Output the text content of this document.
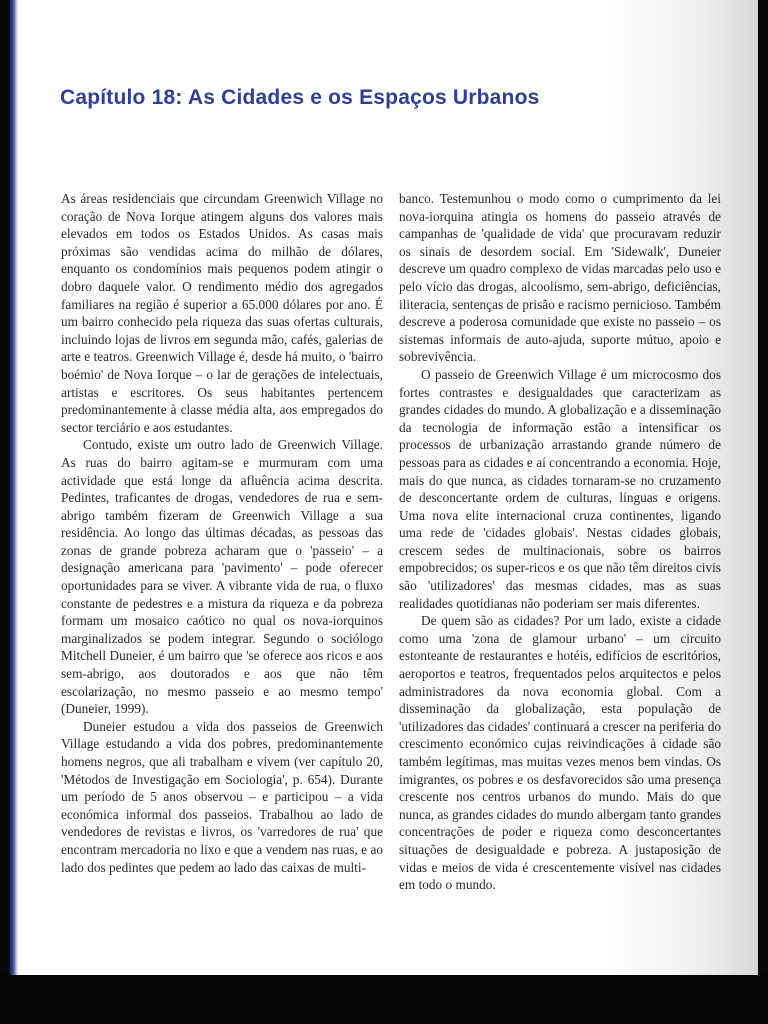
Capítulo 18: As Cidades e os Espaços Urbanos

As áreas residenciais que circundam Greenwich Village no coração de Nova Iorque atingem alguns dos valores mais elevados em todos os Estados Unidos. As casas mais próximas são vendidas acima do milhão de dólares, enquanto os condomínios mais pequenos podem atingir o dobro daquele valor. O rendimento médio dos agregados familiares na região é superior a 65.000 dólares por ano. É um bairro conhecido pela riqueza das suas ofertas culturais, incluindo lojas de livros em segunda mão, cafés, galerias de arte e teatros. Greenwich Village é, desde há muito, o 'bairro boémio' de Nova Iorque – o lar de gerações de intelectuais, artistas e escritores. Os seus habitantes pertencem predominantemente à classe média alta, aos empregados do sector terciário e aos estudantes.

Contudo, existe um outro lado de Greenwich Village. As ruas do bairro agitam-se e murmuram com uma actividade que está longe da afluência acima descrita. Pedintes, traficantes de drogas, vendedores de rua e sem-abrigo também fizeram de Greenwich Village a sua residência. Ao longo das últimas décadas, as pessoas das zonas de grande pobreza acharam que o 'passeio' – a designação americana para 'pavimento' – pode oferecer oportunidades para se viver. A vibrante vida de rua, o fluxo constante de pedestres e a mistura da riqueza e da pobreza formam um mosaico caótico no qual os nova-iorquinos marginalizados se podem integrar. Segundo o sociólogo Mitchell Duneier, é um bairro que 'se oferece aos ricos e aos sem-abrigo, aos doutorados e aos que não têm escolarização, no mesmo passeio e ao mesmo tempo' (Duneier, 1999).

Duneier estudou a vida dos passeios de Greenwich Village estudando a vida dos pobres, predominantemente homens negros, que ali trabalham e vivem (ver capítulo 20, 'Métodos de Investigação em Sociologia', p. 654). Durante um período de 5 anos observou – e participou – a vida económica informal dos passeios. Trabalhou ao lado de vendedores de revistas e livros, os 'varredores de rua' que encontram mercadoria no lixo e que a vendem nas ruas, e ao lado dos pedintes que pedem ao lado das caixas de multi-

banco. Testemunhou o modo como o cumprimento da lei nova-iorquina atingia os homens do passeio através de campanhas de 'qualidade de vida' que procuravam reduzir os sinais de desordem social. Em 'Sidewalk', Duneier descreve um quadro complexo de vidas marcadas pelo uso e pelo vício das drogas, alcoolismo, sem-abrigo, deficiências, iliteracia, sentenças de prisão e racismo pernicioso. Também descreve a poderosa comunidade que existe no passeio – os sistemas informais de auto-ajuda, suporte mútuo, apoio e sobrevivência.

O passeio de Greenwich Village é um microcosmo dos fortes contrastes e desigualdades que caracterizam as grandes cidades do mundo. A globalização e a disseminação da tecnologia de informação estão a intensificar os processos de urbanização arrastando grande número de pessoas para as cidades e aí concentrando a economia. Hoje, mais do que nunca, as cidades tornaram-se no cruzamento de desconcertante ordem de culturas, línguas e origens. Uma nova elite internacional cruza continentes, ligando uma rede de 'cidades globais'. Nestas cidades globais, crescem sedes de multinacionais, sobre os bairros empobrecidos; os super-ricos e os que não têm direitos civis são 'utilizadores' das mesmas cidades, mas as suas realidades quotidianas não poderiam ser mais diferentes.

De quem são as cidades? Por um lado, existe a cidade como uma 'zona de glamour urbano' – um circuito estonteante de restaurantes e hotéis, edifícios de escritórios, aeroportos e teatros, frequentados pelos arquitectos e pelos administradores da nova economia global. Com a disseminação da globalização, esta população de 'utilizadores das cidades' continuará a crescer na periferia do crescimento económico cujas reivindicações à cidade são também legítimas, mas muitas vezes menos bem vindas. Os imigrantes, os pobres e os desfavorecidos são uma presença crescente nos centros urbanos do mundo. Mais do que nunca, as grandes cidades do mundo albergam tanto grandes concentrações de poder e riqueza como desconcertantes situações de desigualdade e pobreza. A justaposição de vidas e meios de vida é crescentemente visível nas cidades em todo o mundo.
